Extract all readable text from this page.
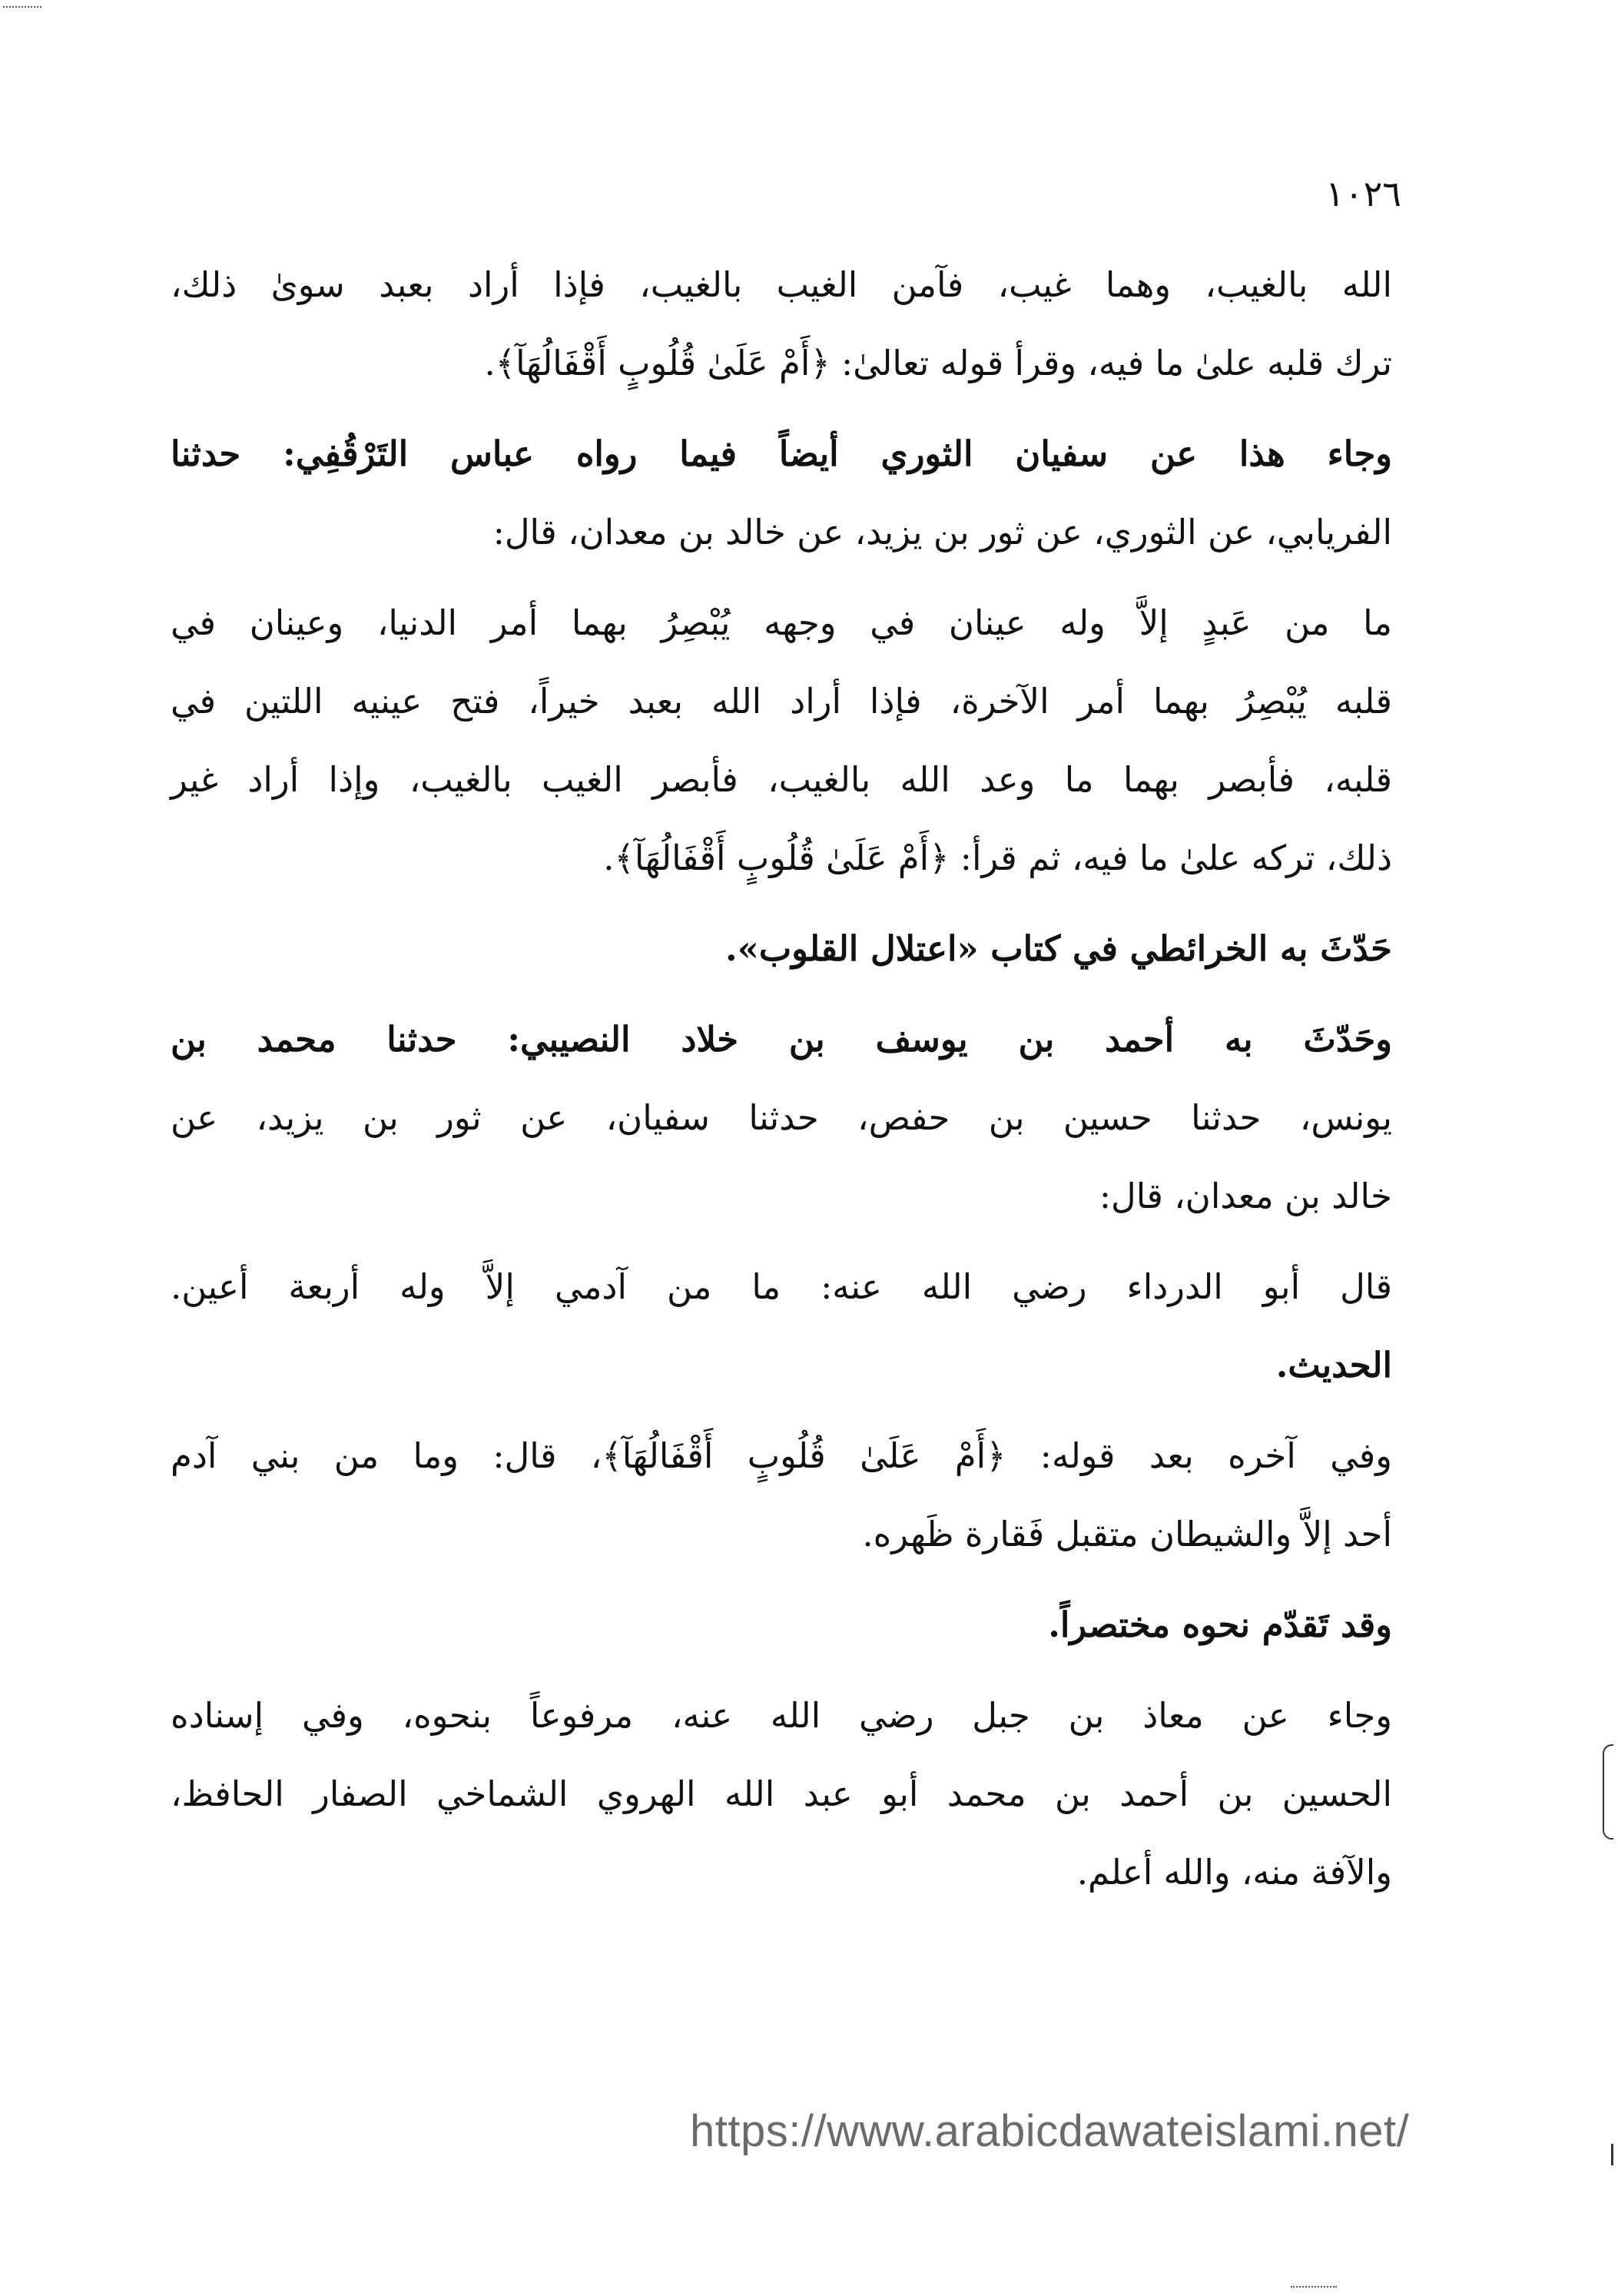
١٠٢٦
الله بالغيب، وهما غيب، فآمن الغيب بالغيب، فإذا أراد بعبد سوىٰ ذلك،
ترك قلبه علىٰ ما فيه، وقرأ قوله تعالىٰ: ﴿أَمْ عَلَىٰ قُلُوبٍ أَقْفَالُهَآ﴾.
وجاء هذا عن سفيان الثوري أيضاً فيما رواه عباس التَرْقُفِي: حدثنا
الفريابي، عن الثوري، عن ثور بن يزيد، عن خالد بن معدان، قال:
ما من عَبدٍ إلاَّ وله عينان في وجهه يُبْصِرُ بهما أمر الدنيا، وعينان في
قلبه يُبْصِرُ بهما أمر الآخرة، فإذا أراد الله بعبد خيراً، فتح عينيه اللتين في
قلبه، فأبصر بهما ما وعد الله بالغيب، فأبصر الغيب بالغيب، وإذا أراد غير
ذلك، تركه علىٰ ما فيه، ثم قرأ: ﴿أَمْ عَلَىٰ قُلُوبٍ أَقْفَالُهَآ﴾.
حَدّثَ به الخرائطي في كتاب «اعتلال القلوب».
وحَدّثَ به أحمد بن يوسف بن خلاد النصيبي: حدثنا محمد بن
يونس، حدثنا حسين بن حفص، حدثنا سفيان، عن ثور بن يزيد، عن
خالد بن معدان، قال:
قال أبو الدرداء رضي الله عنه: ما من آدمي إلاَّ وله أربعة أعين.
الحديث.
وفي آخره بعد قوله: ﴿أَمْ عَلَىٰ قُلُوبٍ أَقْفَالُهَآ﴾، قال: وما من بني آدم
أحد إلاَّ والشيطان متقبل فَقارة ظَهره.
وقد تَقدّم نحوه مختصراً.
وجاء عن معاذ بن جبل رضي الله عنه، مرفوعاً بنحوه، وفي إسناده
الحسين بن أحمد بن محمد أبو عبد الله الهروي الشماخي الصفار الحافظ،
والآفة منه، والله أعلم.
https://www.arabicdawateislami.net/
